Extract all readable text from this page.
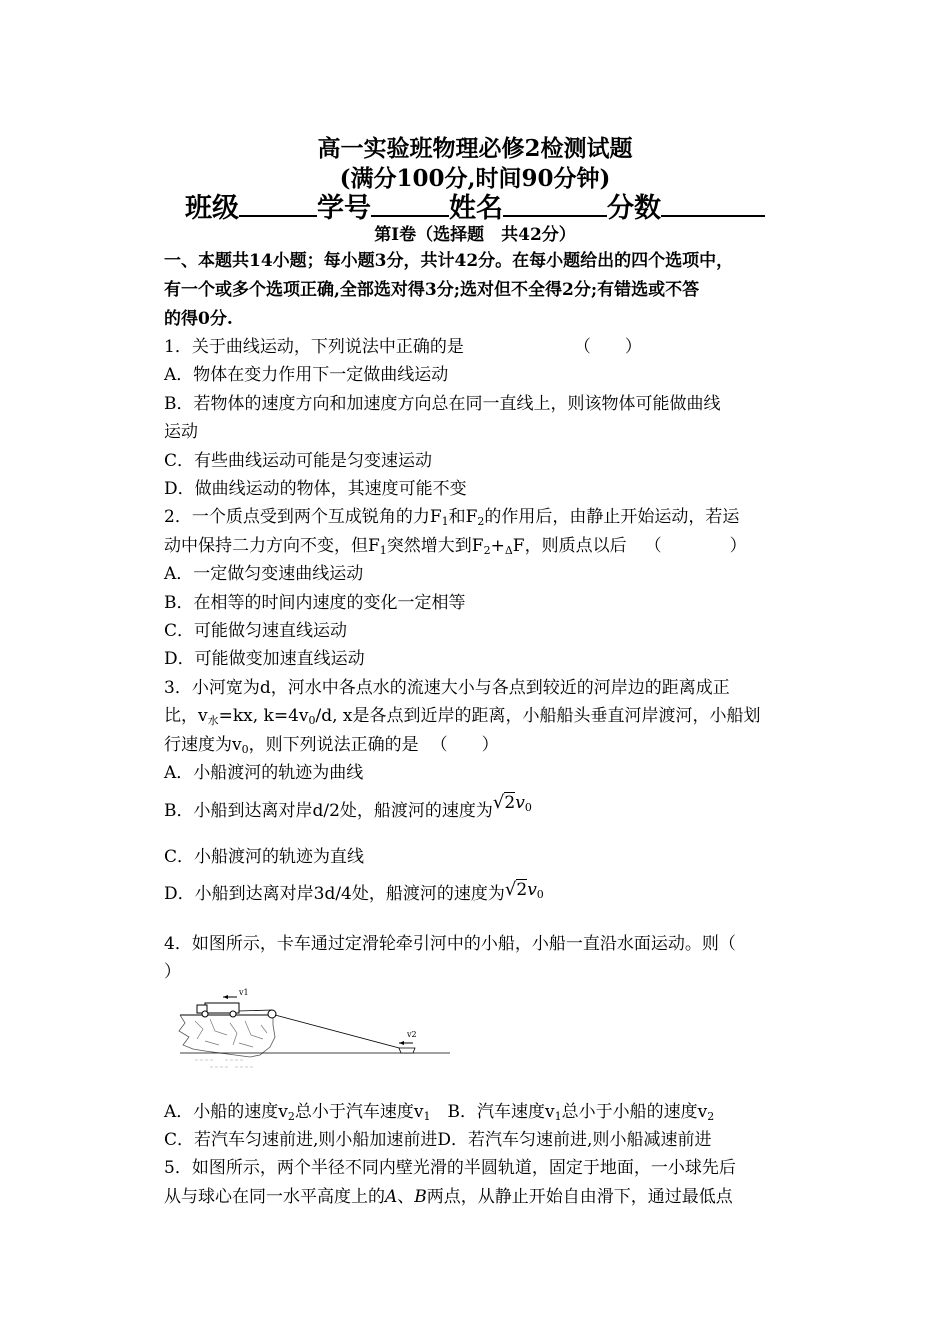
高一实验班物理必修2检测试题
(满分100分,时间90分钟)
班级	学号	姓名	分数
第Ⅰ卷（选择题　共42分）
一、本题共14小题；每小题3分，共计42分。在每小题给出的四个选项中，
有一个或多个选项正确,全部选对得3分;选对但不全得2分;有错选或不答
的得0分.
1．关于曲线运动，下列说法中正确的是	（　　）
A．物体在变力作用下一定做曲线运动
B．若物体的速度方向和加速度方向总在同一直线上，则该物体可能做曲线
运动
C．有些曲线运动可能是匀变速运动
D．做曲线运动的物体，其速度可能不变
2．一个质点受到两个互成锐角的力$F_1$和$F_2$的作用后，由静止开始运动，若运
动中保持二力方向不变，但$F_1$突然增大到$F_2+_\Delta F$，则质点以后 （　　　　）
A．一定做匀变速曲线运动
B．在相等的时间内速度的变化一定相等
C．可能做匀速直线运动
D．可能做变加速直线运动
3．小河宽为d，河水中各点水的流速大小与各点到较近的河岸边的距离成正
比，$v_水=kx$, $k=4v_0/d$, x是各点到近岸的距离，小船船头垂直河岸渡河，小船划
行速度为$v_0$，则下列说法正确的是 （　　）
A．小船渡河的轨迹为曲线
B．小船到达离对岸d/2处，船渡河的速度为$√2v_0$
C．小船渡河的轨迹为直线
D．小船到达离对岸3d/4处，船渡河的速度为$√2v_0$
4．如图所示，卡车通过定滑轮牵引河中的小船，小船一直沿水面运动。则（
）
v1
v2
A．小船的速度$v_2$总小于汽车速度$v_1$　B．汽车速度$v_1$总小于小船的速度$v_2$
C．若汽车匀速前进,则小船加速前进D．若汽车匀速前进,则小船减速前进
5．如图所示，两个半径不同内壁光滑的半圆轨道，固定于地面，一小球先后
从与球心在同一水平高度上的A、B两点，从静止开始自由滑下，通过最低点
